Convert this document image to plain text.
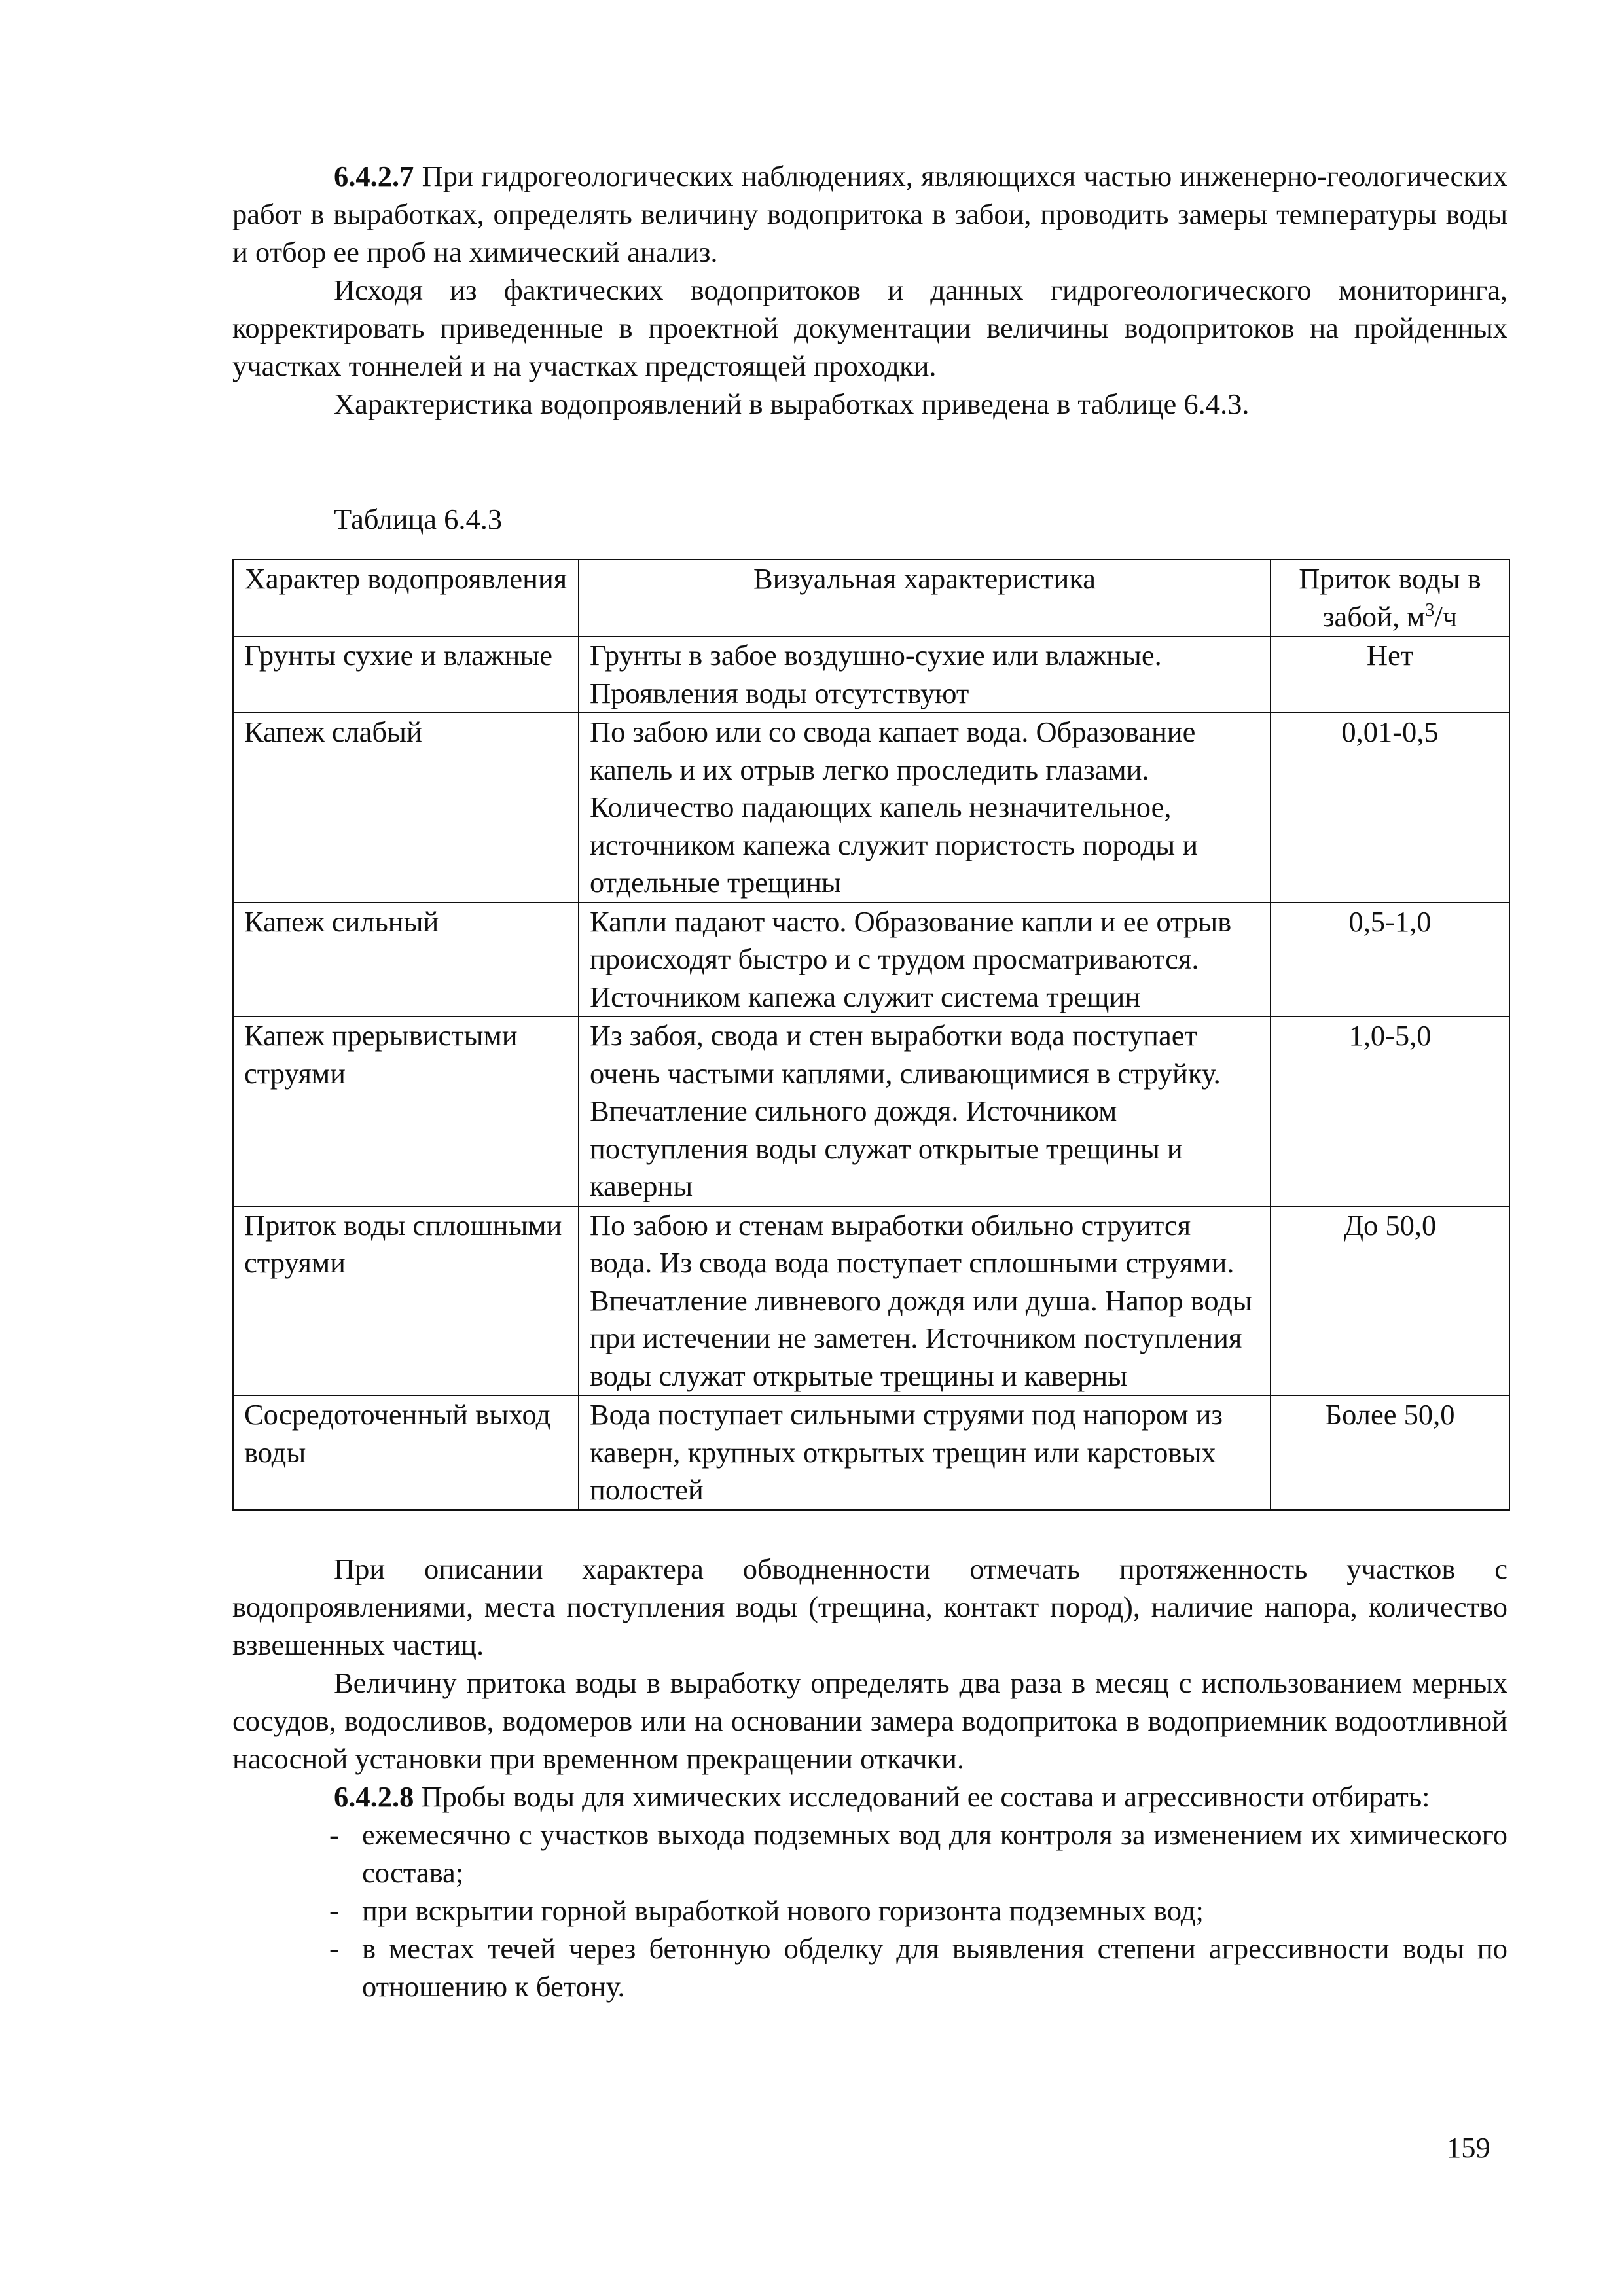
6.4.2.7 При гидрогеологических наблюдениях, являющихся частью инженерно-геологических работ в выработках, определять величину водопритока в забои, проводить замеры температуры воды и отбор ее проб на химический анализ.

Исходя из фактических водопритоков и данных гидрогеологического мониторинга, корректировать приведенные в проектной документации величины водопритоков на пройденных участках тоннелей и на участках предстоящей проходки.

Характеристика водопроявлений в выработках приведена в таблице 6.4.3.

Таблица 6.4.3

Характер водопроявления	Визуальная характеристика	Приток воды в забой, $м^3/ч$
Грунты сухие и влажные	Грунты в забое воздушно-сухие или влажные. Проявления воды отсутствуют	Нет
Капеж слабый	По забою или со свода капает вода. Образование капель и их отрыв легко проследить глазами. Количество падающих капель незначительное, источником капежа служит пористость породы и отдельные трещины	0,01-0,5
Капеж сильный	Капли падают часто. Образование капли и ее отрыв происходят быстро и с трудом просматриваются. Источником капежа служит система трещин	0,5-1,0
Капеж прерывистыми струями	Из забоя, свода и стен выработки вода поступает очень частыми каплями, сливающимися в струйку. Впечатление сильного дождя. Источником поступления воды служат открытые трещины и каверны	1,0-5,0
Приток воды сплошными струями	По забою и стенам выработки обильно струится вода. Из свода вода поступает сплошными струями. Впечатление ливневого дождя или душа. Напор воды при истечении не заметен. Источником поступления воды служат открытые трещины и каверны	До 50,0
Сосредоточенный выход воды	Вода поступает сильными струями под напором из каверн, крупных открытых трещин или карстовых полостей	Более 50,0

При описании характера обводненности отмечать протяженность участков с водопроявлениями, места поступления воды (трещина, контакт пород), наличие напора, количество взвешенных частиц.

Величину притока воды в выработку определять два раза в месяц с использованием мерных сосудов, водосливов, водомеров или на основании замера водопритока в водоприемник водоотливной насосной установки при временном прекращении откачки.

6.4.2.8 Пробы воды для химических исследований ее состава и агрессивности отбирать:

- ежемесячно с участков выхода подземных вод для контроля за изменением их химического состава;
- при вскрытии горной выработкой нового горизонта подземных вод;
- в местах течей через бетонную обделку для выявления степени агрессивности воды по отношению к бетону.
159
